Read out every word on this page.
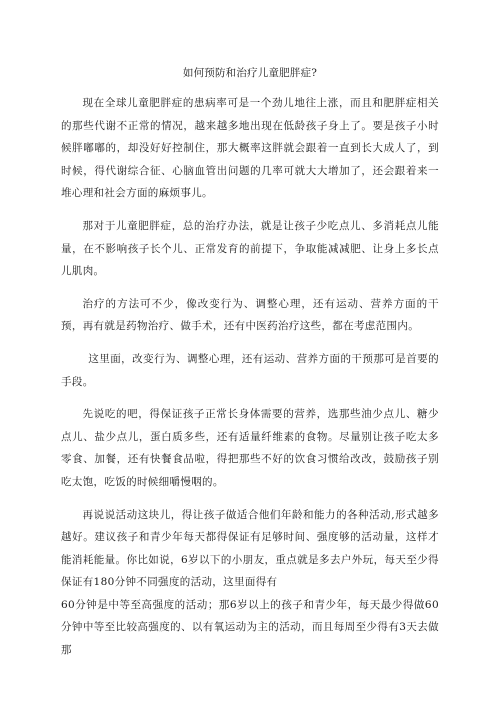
如何预防和治疗儿童肥胖症?

现在全球儿童肥胖症的患病率可是一个劲儿地往上涨，而且和肥胖症相关的那些代谢不正常的情况，越来越多地出现在低龄孩子身上了。要是孩子小时候胖嘟嘟的，却没好好控制住，那大概率这胖就会跟着一直到长大成人了，到时候，得代谢综合征、心脑血管出问题的几率可就大大增加了，还会跟着来一堆心理和社会方面的麻烦事儿。

那对于儿童肥胖症，总的治疗办法，就是让孩子少吃点儿、多消耗点儿能量，在不影响孩子长个儿、正常发育的前提下，争取能减减肥、让身上多长点儿肌肉。

治疗的方法可不少，像改变行为、调整心理，还有运动、营养方面的干预，再有就是药物治疗、做手术，还有中医药治疗这些，都在考虑范围内。

这里面，改变行为、调整心理，还有运动、营养方面的干预那可是首要的手段。

先说吃的吧，得保证孩子正常长身体需要的营养，选那些油少点儿、糖少点儿、盐少点儿，蛋白质多些，还有适量纤维素的食物。尽量别让孩子吃太多零食、加餐，还有快餐食品啦，得把那些不好的饮食习惯给改改，鼓励孩子别吃太饱，吃饭的时候细嚼慢咽的。

再说说活动这块儿，得让孩子做适合他们年龄和能力的各种活动,形式越多越好。建议孩子和青少年每天都得保证有足够时间、强度够的活动量，这样才能消耗能量。你比如说，6岁以下的小朋友，重点就是多去户外玩，每天至少得保证有180分钟不同强度的活动，这里面得有

60分钟是中等至高强度的活动；那6岁以上的孩子和青少年，每天最少得做60分钟中等至比较高强度的、以有氧运动为主的活动，而且每周至少得有3天去做那
